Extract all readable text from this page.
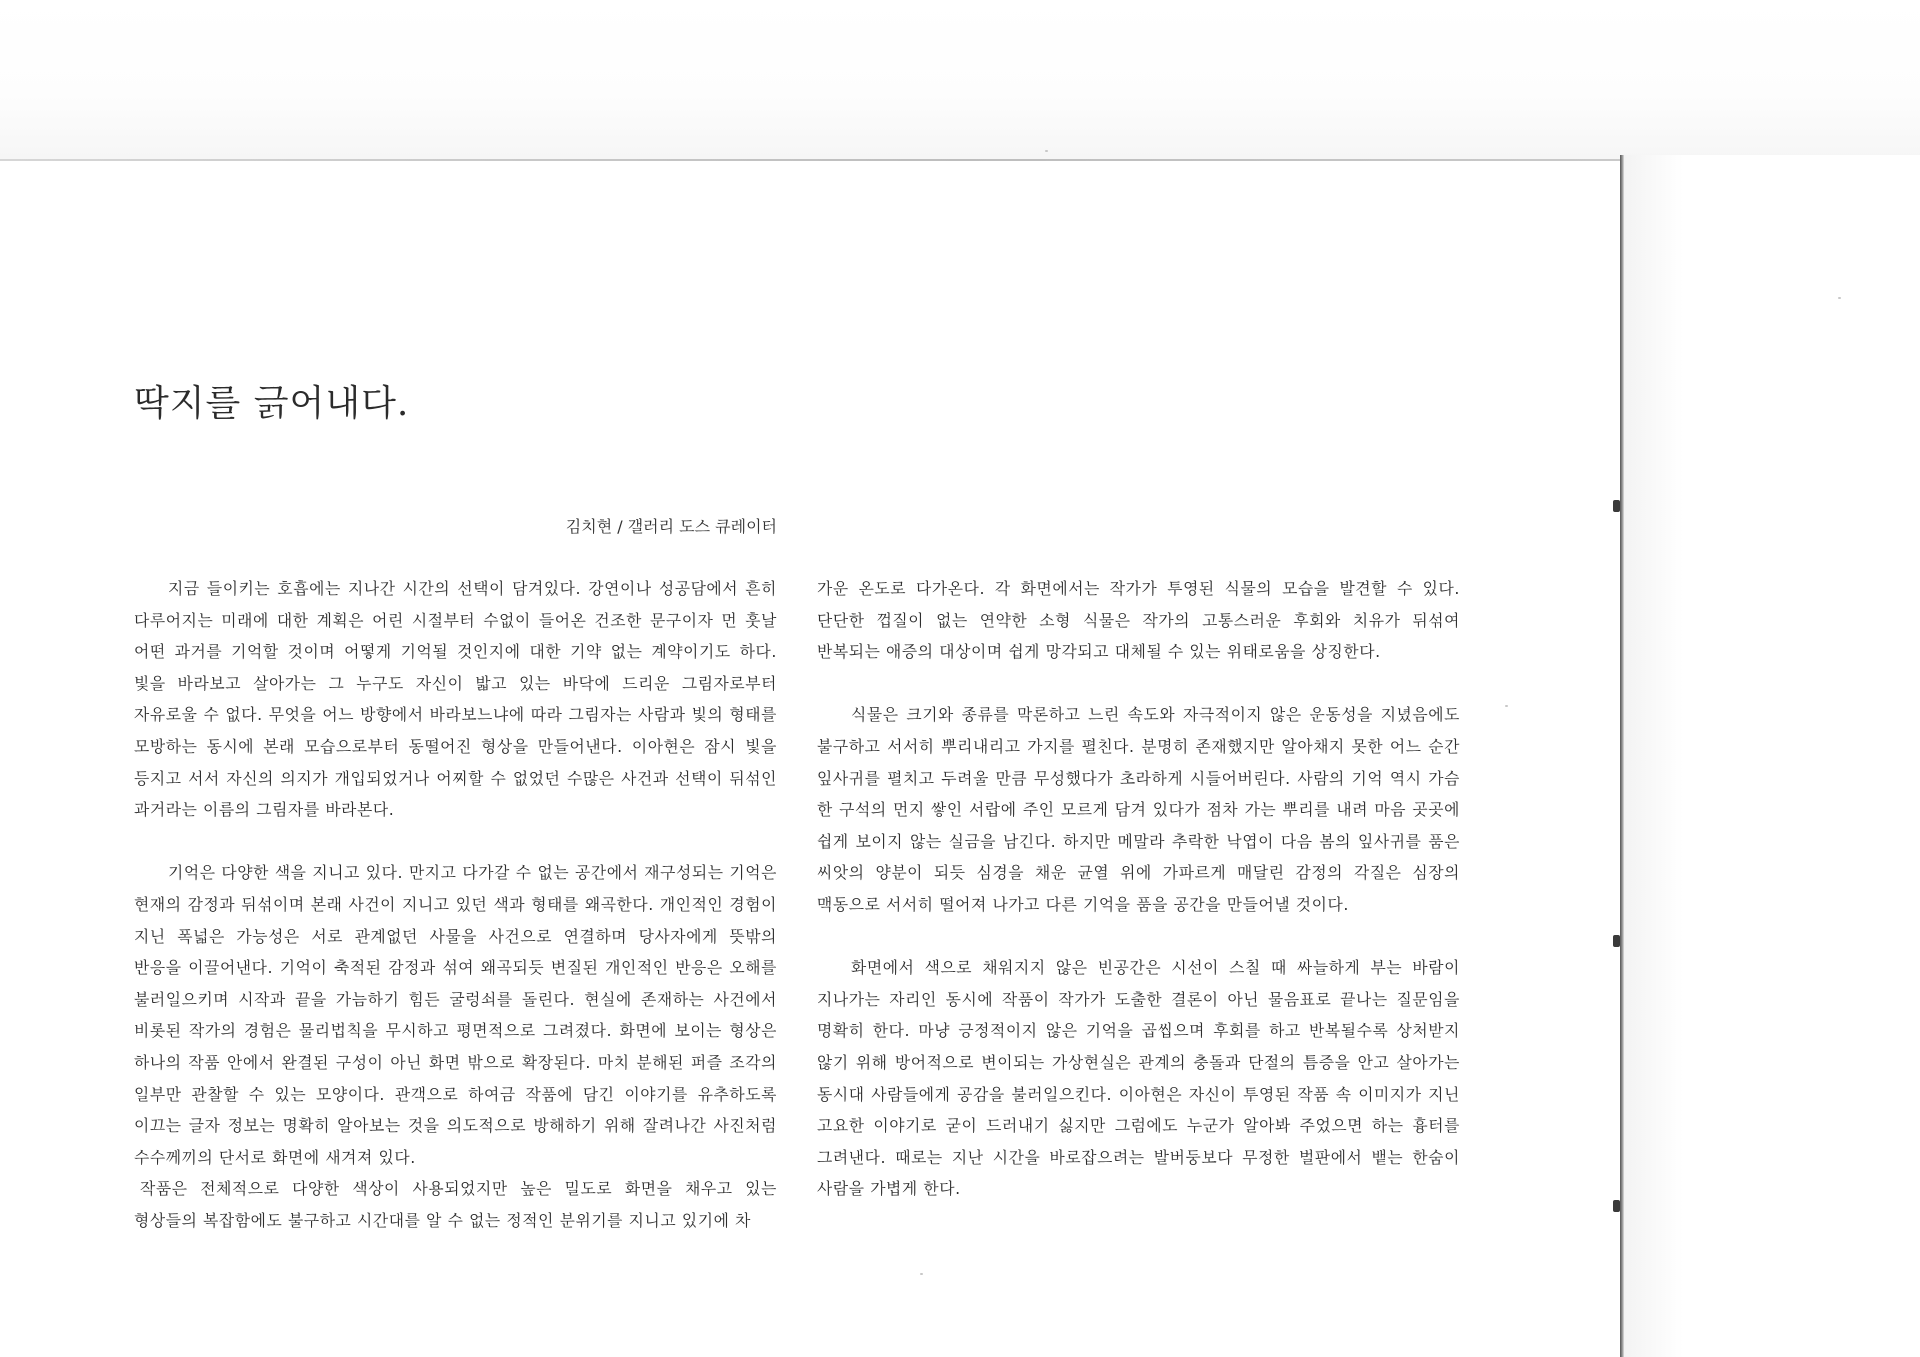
딱지를 긁어내다.

김치현 / 갤러리 도스 큐레이터

지금 들이키는 호흡에는 지나간 시간의 선택이 담겨있다. 강연이나 성공담에서 흔히 다루어지는 미래에 대한 계획은 어린 시절부터 수없이 들어온 건조한 문구이자 먼 훗날 어떤 과거를 기억할 것이며 어떻게 기억될 것인지에 대한 기약 없는 계약이기도 하다. 빛을 바라보고 살아가는 그 누구도 자신이 밟고 있는 바닥에 드리운 그림자로부터 자유로울 수 없다. 무엇을 어느 방향에서 바라보느냐에 따라 그림자는 사람과 빛의 형태를 모방하는 동시에 본래 모습으로부터 동떨어진 형상을 만들어낸다. 이아현은 잠시 빛을 등지고 서서 자신의 의지가 개입되었거나 어찌할 수 없었던 수많은 사건과 선택이 뒤섞인 과거라는 이름의 그림자를 바라본다.

기억은 다양한 색을 지니고 있다. 만지고 다가갈 수 없는 공간에서 재구성되는 기억은 현재의 감정과 뒤섞이며 본래 사건이 지니고 있던 색과 형태를 왜곡한다. 개인적인 경험이 지닌 폭넓은 가능성은 서로 관계없던 사물을 사건으로 연결하며 당사자에게 뜻밖의 반응을 이끌어낸다. 기억이 축적된 감정과 섞여 왜곡되듯 변질된 개인적인 반응은 오해를 불러일으키며 시작과 끝을 가늠하기 힘든 굴렁쇠를 돌린다. 현실에 존재하는 사건에서 비롯된 작가의 경험은 물리법칙을 무시하고 평면적으로 그려졌다. 화면에 보이는 형상은 하나의 작품 안에서 완결된 구성이 아닌 화면 밖으로 확장된다. 마치 분해된 퍼즐 조각의 일부만 관찰할 수 있는 모양이다. 관객으로 하여금 작품에 담긴 이야기를 유추하도록 이끄는 글자 정보는 명확히 알아보는 것을 의도적으로 방해하기 위해 잘려나간 사진처럼 수수께끼의 단서로 화면에 새겨져 있다.

작품은 전체적으로 다양한 색상이 사용되었지만 높은 밀도로 화면을 채우고 있는 형상들의 복잡함에도 불구하고 시간대를 알 수 없는 정적인 분위기를 지니고 있기에 차

가운 온도로 다가온다. 각 화면에서는 작가가 투영된 식물의 모습을 발견할 수 있다. 단단한 껍질이 없는 연약한 소형 식물은 작가의 고통스러운 후회와 치유가 뒤섞여 반복되는 애증의 대상이며 쉽게 망각되고 대체될 수 있는 위태로움을 상징한다.

식물은 크기와 종류를 막론하고 느린 속도와 자극적이지 않은 운동성을 지녔음에도 불구하고 서서히 뿌리내리고 가지를 펼친다. 분명히 존재했지만 알아채지 못한 어느 순간 잎사귀를 펼치고 두려울 만큼 무성했다가 초라하게 시들어버린다. 사람의 기억 역시 가슴 한 구석의 먼지 쌓인 서랍에 주인 모르게 담겨 있다가 점차 가는 뿌리를 내려 마음 곳곳에 쉽게 보이지 않는 실금을 남긴다. 하지만 메말라 추락한 낙엽이 다음 봄의 잎사귀를 품은 씨앗의 양분이 되듯 심경을 채운 균열 위에 가파르게 매달린 감정의 각질은 심장의 맥동으로 서서히 떨어져 나가고 다른 기억을 품을 공간을 만들어낼 것이다.

화면에서 색으로 채워지지 않은 빈공간은 시선이 스칠 때 싸늘하게 부는 바람이 지나가는 자리인 동시에 작품이 작가가 도출한 결론이 아닌 물음표로 끝나는 질문임을 명확히 한다. 마냥 긍정적이지 않은 기억을 곱씹으며 후회를 하고 반복될수록 상처받지 않기 위해 방어적으로 변이되는 가상현실은 관계의 충돌과 단절의 틈증을 안고 살아가는 동시대 사람들에게 공감을 불러일으킨다. 이아현은 자신이 투영된 작품 속 이미지가 지닌 고요한 이야기로 굳이 드러내기 싫지만 그럼에도 누군가 알아봐 주었으면 하는 흉터를 그려낸다. 때로는 지난 시간을 바로잡으려는 발버둥보다 무정한 벌판에서 뱉는 한숨이 사람을 가볍게 한다.
